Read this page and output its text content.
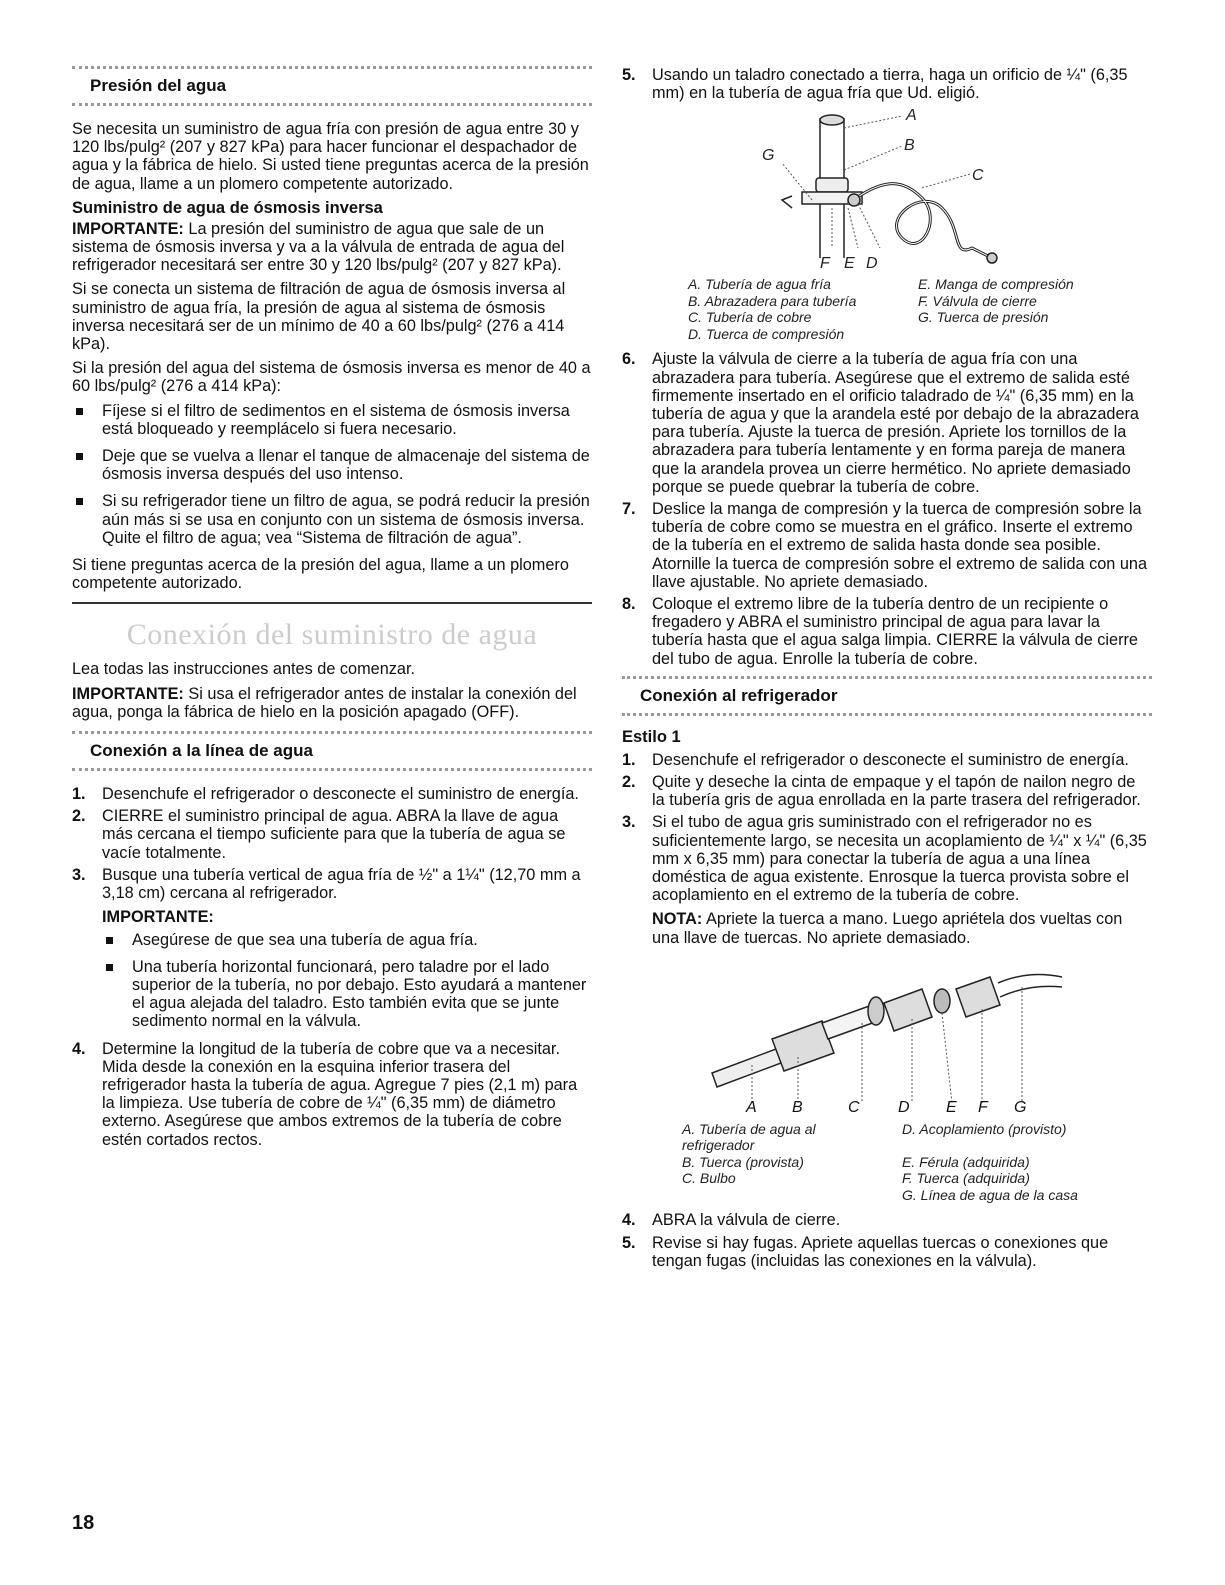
Presión del agua

Se necesita un suministro de agua fría con presión de agua entre 30 y 120 lbs/pulg² (207 y 827 kPa) para hacer funcionar el despachador de agua y la fábrica de hielo. Si usted tiene preguntas acerca de la presión de agua, llame a un plomero competente autorizado.

Suministro de agua de ósmosis inversa

IMPORTANTE: La presión del suministro de agua que sale de un sistema de ósmosis inversa y va a la válvula de entrada de agua del refrigerador necesitará ser entre 30 y 120 lbs/pulg² (207 y 827 kPa).

Si se conecta un sistema de filtración de agua de ósmosis inversa al suministro de agua fría, la presión de agua al sistema de ósmosis inversa necesitará ser de un mínimo de 40 a 60 lbs/pulg² (276 a 414 kPa).

Si la presión del agua del sistema de ósmosis inversa es menor de 40 a 60 lbs/pulg² (276 a 414 kPa):

Fíjese si el filtro de sedimentos en el sistema de ósmosis inversa está bloqueado y reemplácelo si fuera necesario.
Deje que se vuelva a llenar el tanque de almacenaje del sistema de ósmosis inversa después del uso intenso.
Si su refrigerador tiene un filtro de agua, se podrá reducir la presión aún más si se usa en conjunto con un sistema de ósmosis inversa. Quite el filtro de agua; vea “Sistema de filtración de agua”.

Si tiene preguntas acerca de la presión del agua, llame a un plomero competente autorizado.

Conexión del suministro de agua

Lea todas las instrucciones antes de comenzar.

IMPORTANTE: Si usa el refrigerador antes de instalar la conexión del agua, ponga la fábrica de hielo en la posición apagado (OFF).

Conexión a la línea de agua
1. Desenchufe el refrigerador o desconecte el suministro de energía.
2. CIERRE el suministro principal de agua. ABRA la llave de agua más cercana el tiempo suficiente para que la tubería de agua se vacíe totalmente.
3. Busque una tubería vertical de agua fría de ½" a 1¼" (12,70 mm a 3,18 cm) cercana al refrigerador.
IMPORTANTE:
Asegúrese de que sea una tubería de agua fría.
Una tubería horizontal funcionará, pero taladre por el lado superior de la tubería, no por debajo. Esto ayudará a mantener el agua alejada del taladro. Esto también evita que se junte sedimento normal en la válvula.
4. Determine la longitud de la tubería de cobre que va a necesitar. Mida desde la conexión en la esquina inferior trasera del refrigerador hasta la tubería de agua. Agregue 7 pies (2,1 m) para la limpieza. Use tubería de cobre de ¼" (6,35 mm) de diámetro externo. Asegúrese que ambos extremos de la tubería de cobre estén cortados rectos.
5. Usando un taladro conectado a tierra, haga un orificio de ¼" (6,35 mm) en la tubería de agua fría que Ud. eligió.
A
B
C
D
E
F
G
A. Tubería de agua fría	E. Manga de compresión
B. Abrazadera para tubería	F. Válvula de cierre
C. Tubería de cobre	G. Tuerca de presión
D. Tuerca de compresión
6. Ajuste la válvula de cierre a la tubería de agua fría con una abrazadera para tubería. Asegúrese que el extremo de salida esté firmemente insertado en el orificio taladrado de ¼" (6,35 mm) en la tubería de agua y que la arandela esté por debajo de la abrazadera para tubería. Ajuste la tuerca de presión. Apriete los tornillos de la abrazadera para tubería lentamente y en forma pareja de manera que la arandela provea un cierre hermético. No apriete demasiado porque se puede quebrar la tubería de cobre.
7. Deslice la manga de compresión y la tuerca de compresión sobre la tubería de cobre como se muestra en el gráfico. Inserte el extremo de la tubería en el extremo de salida hasta donde sea posible. Atornille la tuerca de compresión sobre el extremo de salida con una llave ajustable. No apriete demasiado.
8. Coloque el extremo libre de la tubería dentro de un recipiente o fregadero y ABRA el suministro principal de agua para lavar la tubería hasta que el agua salga limpia. CIERRE la válvula de cierre del tubo de agua. Enrolle la tubería de cobre.
Conexión al refrigerador
Estilo 1
1. Desenchufe el refrigerador o desconecte el suministro de energía.
2. Quite y deseche la cinta de empaque y el tapón de nailon negro de la tubería gris de agua enrollada en la parte trasera del refrigerador.
3. Si el tubo de agua gris suministrado con el refrigerador no es suficientemente largo, se necesita un acoplamiento de ¼" x ¼" (6,35 mm x 6,35 mm) para conectar la tubería de agua a una línea doméstica de agua existente. Enrosque la tuerca provista sobre el acoplamiento en el extremo de la tubería de cobre.

NOTA: Apriete la tuerca a mano. Luego apriétela dos vueltas con una llave de tuercas. No apriete demasiado.

A B	C D E F G
A. Tubería de agua al refrigerador
D. Acoplamiento (provisto)
B. Tuerca (provista)	E. Férula (adquirida)
C. Bulbo	F. Tuerca (adquirida)
G. Línea de agua de la casa
4. ABRA la válvula de cierre.
5. Revise si hay fugas. Apriete aquellas tuercas o conexiones que tengan fugas (incluidas las conexiones en la válvula).
18
